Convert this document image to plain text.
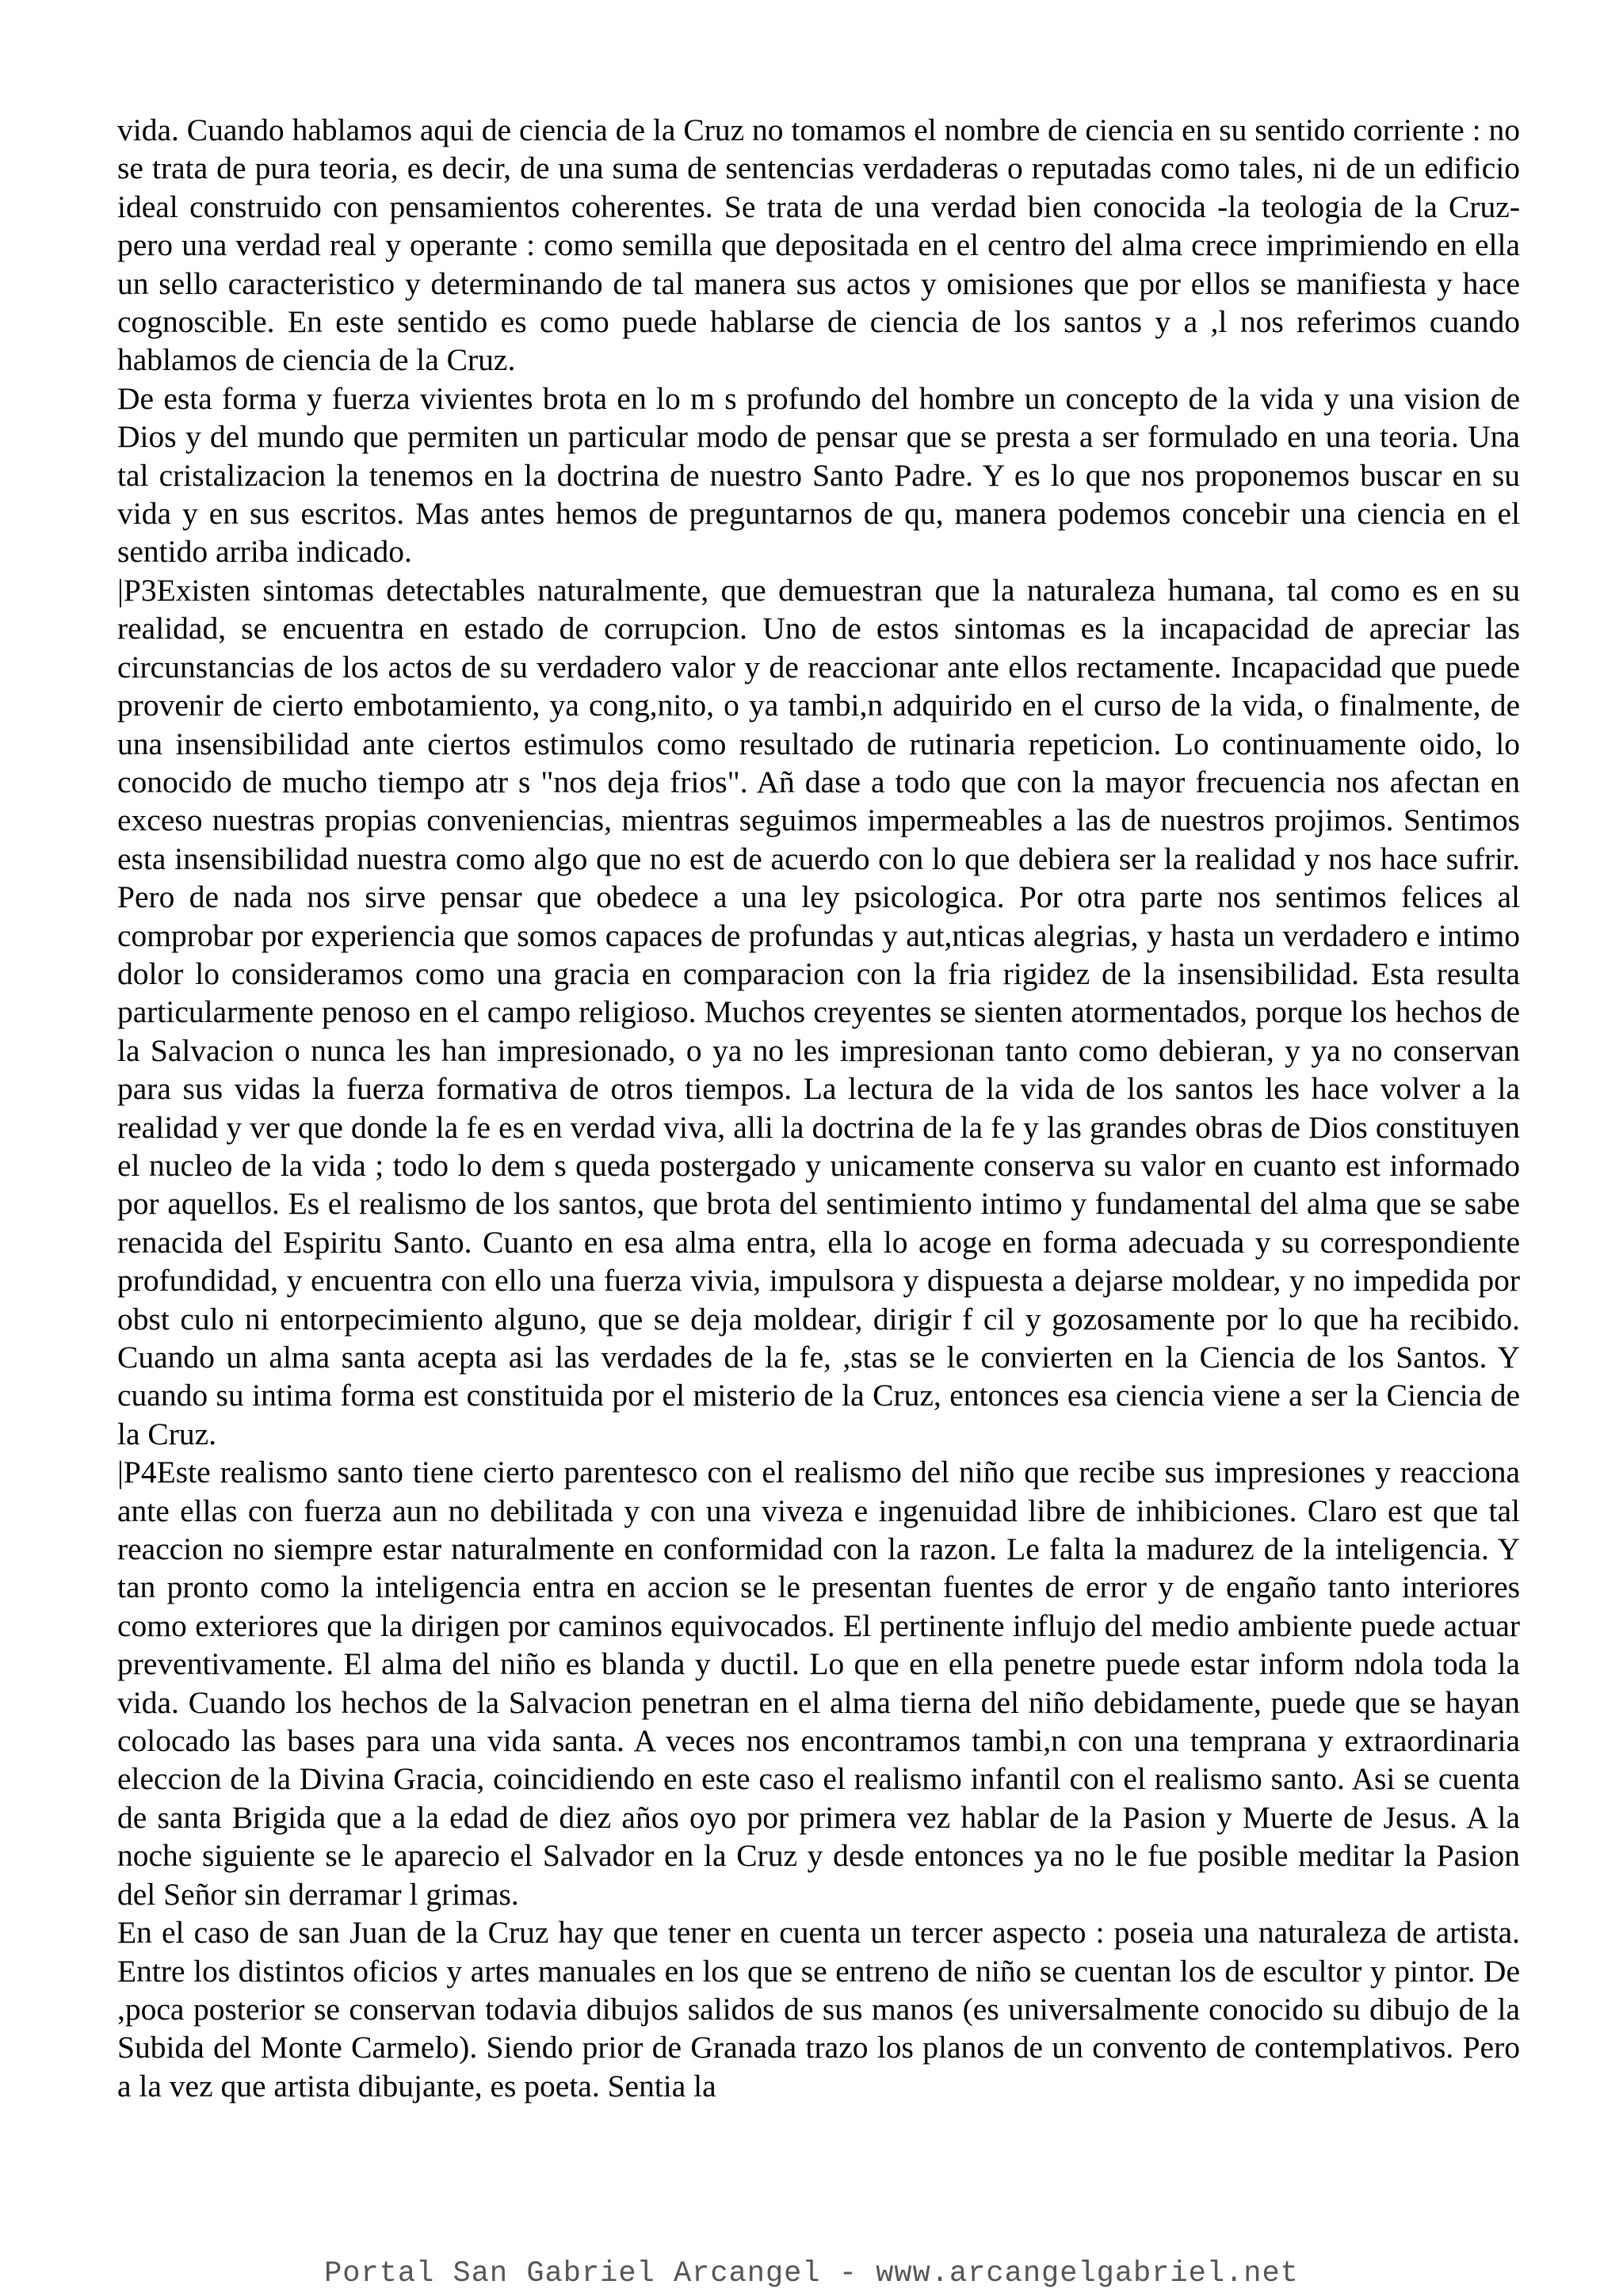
vida. Cuando hablamos aqui de ciencia de la Cruz no tomamos el nombre de ciencia en su sentido corriente : no se trata de pura teoria, es decir, de una suma de sentencias verdaderas o reputadas como tales, ni de un edificio ideal construido con pensamientos coherentes. Se trata de una verdad bien conocida -la teologia de la Cruz- pero una verdad real y operante : como semilla que depositada en el centro del alma crece imprimiendo en ella un sello caracteristico y determinando de tal manera sus actos y omisiones que por ellos se manifiesta y hace cognoscible. En este sentido es como puede hablarse de ciencia de los santos y a ,l nos referimos cuando hablamos de ciencia de la Cruz.

De esta forma y fuerza vivientes brota en lo m s profundo del hombre un concepto de la vida y una vision de Dios y del mundo que permiten un particular modo de pensar que se presta a ser formulado en una teoria. Una tal cristalizacion la tenemos en la doctrina de nuestro Santo Padre. Y es lo que nos proponemos buscar en su vida y en sus escritos. Mas antes hemos de preguntarnos de qu, manera podemos concebir una ciencia en el sentido arriba indicado.

|P3Existen sintomas detectables naturalmente, que demuestran que la naturaleza humana, tal como es en su realidad, se encuentra en estado de corrupcion. Uno de estos sintomas es la incapacidad de apreciar las circunstancias de los actos de su verdadero valor y de reaccionar ante ellos rectamente. Incapacidad que puede provenir de cierto embotamiento, ya cong,nito, o ya tambi,n adquirido en el curso de la vida, o finalmente, de una insensibilidad ante ciertos estimulos como resultado de rutinaria repeticion. Lo continuamente oido, lo conocido de mucho tiempo atr s "nos deja frios". Añ dase a todo que con la mayor frecuencia nos afectan en exceso nuestras propias conveniencias, mientras seguimos impermeables a las de nuestros projimos. Sentimos esta insensibilidad nuestra como algo que no est de acuerdo con lo que debiera ser la realidad y nos hace sufrir. Pero de nada nos sirve pensar que obedece a una ley psicologica. Por otra parte nos sentimos felices al comprobar por experiencia que somos capaces de profundas y aut,nticas alegrias, y hasta un verdadero e intimo dolor lo consideramos como una gracia en comparacion con la fria rigidez de la insensibilidad. Esta resulta particularmente penoso en el campo religioso. Muchos creyentes se sienten atormentados, porque los hechos de la Salvacion o nunca les han impresionado, o ya no les impresionan tanto como debieran, y ya no conservan para sus vidas la fuerza formativa de otros tiempos. La lectura de la vida de los santos les hace volver a la realidad y ver que donde la fe es en verdad viva, alli la doctrina de la fe y las grandes obras de Dios constituyen el nucleo de la vida ; todo lo dem s queda postergado y unicamente conserva su valor en cuanto est informado por aquellos. Es el realismo de los santos, que brota del sentimiento intimo y fundamental del alma que se sabe renacida del Espiritu Santo. Cuanto en esa alma entra, ella lo acoge en forma adecuada y su correspondiente profundidad, y encuentra con ello una fuerza vivia, impulsora y dispuesta a dejarse moldear, y no impedida por obst culo ni entorpecimiento alguno, que se deja moldear, dirigir f cil y gozosamente por lo que ha recibido. Cuando un alma santa acepta asi las verdades de la fe, ,stas se le convierten en la Ciencia de los Santos. Y cuando su intima forma est constituida por el misterio de la Cruz, entonces esa ciencia viene a ser la Ciencia de la Cruz.

|P4Este realismo santo tiene cierto parentesco con el realismo del niño que recibe sus impresiones y reacciona ante ellas con fuerza aun no debilitada y con una viveza e ingenuidad libre de inhibiciones. Claro est que tal reaccion no siempre estar naturalmente en conformidad con la razon. Le falta la madurez de la inteligencia. Y tan pronto como la inteligencia entra en accion se le presentan fuentes de error y de engaño tanto interiores como exteriores que la dirigen por caminos equivocados. El pertinente influjo del medio ambiente puede actuar preventivamente. El alma del niño es blanda y ductil. Lo que en ella penetre puede estar inform ndola toda la vida. Cuando los hechos de la Salvacion penetran en el alma tierna del niño debidamente, puede que se hayan colocado las bases para una vida santa. A veces nos encontramos tambi,n con una temprana y extraordinaria eleccion de la Divina Gracia, coincidiendo en este caso el realismo infantil con el realismo santo. Asi se cuenta de santa Brigida que a la edad de diez años oyo por primera vez hablar de la Pasion y Muerte de Jesus. A la noche siguiente se le aparecio el Salvador en la Cruz y desde entonces ya no le fue posible meditar la Pasion del Señor sin derramar l grimas.

En el caso de san Juan de la Cruz hay que tener en cuenta un tercer aspecto : poseia una naturaleza de artista. Entre los distintos oficios y artes manuales en los que se entreno de niño se cuentan los de escultor y pintor. De ,poca posterior se conservan todavia dibujos salidos de sus manos (es universalmente conocido su dibujo de la Subida del Monte Carmelo). Siendo prior de Granada trazo los planos de un convento de contemplativos. Pero a la vez que artista dibujante, es poeta. Sentia la

Portal San Gabriel Arcangel - www.arcangelgabriel.net
